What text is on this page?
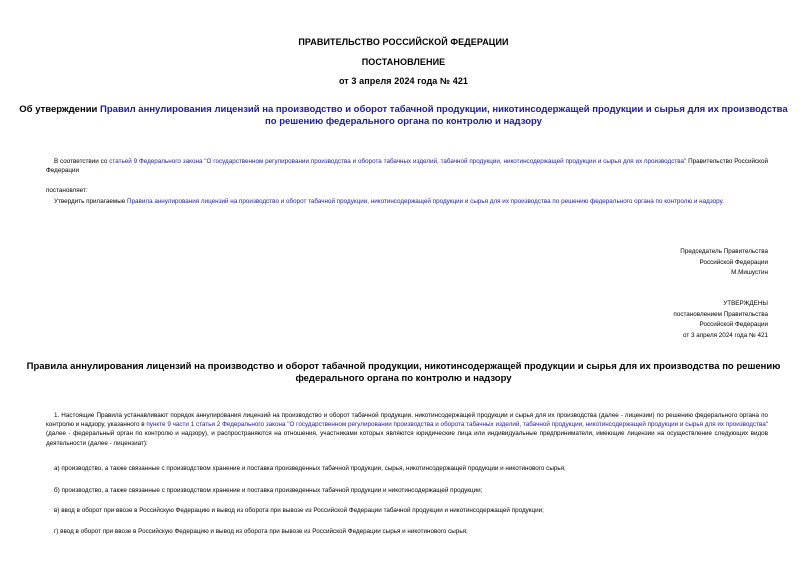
ПРАВИТЕЛЬСТВО РОССИЙСКОЙ ФЕДЕРАЦИИ
ПОСТАНОВЛЕНИЕ
от 3 апреля 2024 года № 421
Об утверждении Правил аннулирования лицензий на производство и оборот табачной продукции, никотинсодержащей продукции и сырья для их производства
по решению федерального органа по контролю и надзору
В соответствии со статьей 9 Федерального закона "О государственном регулировании производства и оборота табачных изделий, табачной продукции, никотинсодержащей продукции и сырья для их производства" Правительство Российской Федерации
постановляет:
Утвердить прилагаемые Правила аннулирования лицензий на производство и оборот табачной продукции, никотинсодержащей продукции и сырья для их производства по решению федерального органа по контролю и надзору.
Председатель Правительства
Российской Федерации
М.Мишустин
УТВЕРЖДЕНЫ
постановлением Правительства
Российской Федерации
от 3 апреля 2024 года № 421
Правила аннулирования лицензий на производство и оборот табачной продукции, никотинсодержащей продукции и сырья для их производства по решению
федерального органа по контролю и надзору
1. Настоящие Правила устанавливают порядок аннулирования лицензий на производство и оборот табачной продукции, никотинсодержащей продукции и сырья для их производства (далее - лицензии) по решению федерального органа по контролю и надзору, указанного в пункте 9 части 1 статьи 2 Федерального закона "О государственном регулировании производства и оборота табачных изделий, табачной продукции, никотинсодержащей продукции и сырья для их производства" (далее - федеральный орган по контролю и надзору), и распространяются на отношения, участниками которых являются юридические лица или индивидуальные предприниматели, имеющие лицензии на осуществление следующих видов деятельности (далее - лицензиат):
а) производство, а также связанные с производством хранение и поставка произведенных табачной продукции, сырья, никотинсодержащей продукции и никотинового сырья;
б) производство, а также связанные с производством хранение и поставка произведенных табачной продукции и никотинсодержащей продукции;
в) ввод в оборот при ввозе в Российскую Федерацию и вывод из оборота при вывозе из Российской Федерации табачной продукции и никотинсодержащей продукции;
г) ввод в оборот при ввозе в Российскую Федерацию и вывод из оборота при вывозе из Российской Федерации сырья и никотинового сырья;
